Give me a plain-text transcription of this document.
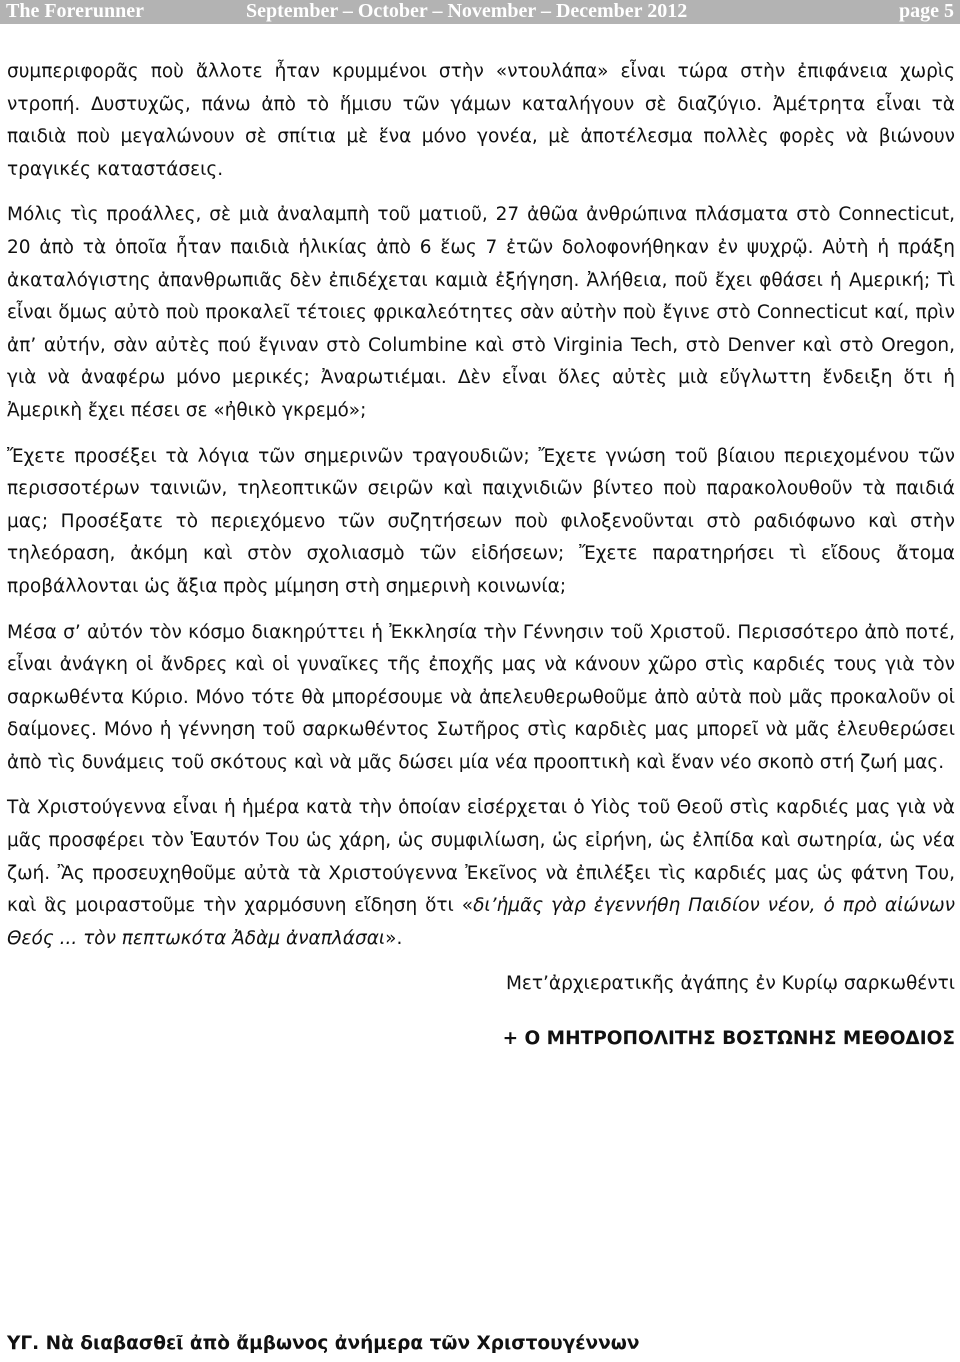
The Forerunner	September – October – November – December 2012	page 5

συμπεριφορᾶς ποὺ ἄλλοτε ἦταν κρυμμένοι στὴν «ντουλάπα» εἶναι τώρα στὴν ἐπιφάνεια χωρὶς ντροπή. Δυστυχῶς, πάνω ἀπὸ τὸ ἥμισυ τῶν γάμων καταλήγουν σὲ διαζύγιο. Ἀμέτρητα εἶναι τὰ παιδιὰ ποὺ μεγαλώνουν σὲ σπίτια μὲ ἕνα μόνο γονέα, μὲ ἀποτέλεσμα πολλὲς φορὲς νὰ βιώνουν τραγικές καταστάσεις.

Μόλις τὶς προάλλες, σὲ μιὰ ἀναλαμπὴ τοῦ ματιοῦ, 27 ἀθῶα ἀνθρώπινα πλάσματα στὸ Connecticut, 20 ἀπὸ τὰ ὁποῖα ἦταν παιδιὰ ἡλικίας ἀπὸ 6 ἕως 7 ἐτῶν δολοφονήθηκαν ἐν ψυχρῷ. Αὐτὴ ἡ πράξη ἀκαταλόγιστης ἀπανθρωπιᾶς δὲν ἐπιδέχεται καμιὰ ἐξήγηση. Ἀλήθεια, ποῦ ἔχει φθάσει ἡ Αμερική; Τὶ εἶναι ὅμως αὐτὸ ποὺ προκαλεῖ τέτοιες φρικαλεότητες σὰν αὐτὴν ποὺ ἔγινε στὸ Connecticut καί, πρὶν ἀπ’ αὐτήν, σὰν αὐτὲς πού ἔγιναν στὸ Columbine καὶ στὸ Virginia Tech, στὸ Denver καὶ στὸ Oregon, γιὰ νὰ ἀναφέρω μόνο μερικές; Ἀναρωτιέμαι. Δὲν εἶναι ὅλες αὐτὲς μιὰ εὔγλωττη ἔνδειξη ὅτι ἡ Ἀμερικὴ ἔχει πέσει σε «ἠθικὸ γκρεμό»;

Ἔχετε προσέξει τὰ λόγια τῶν σημερινῶν τραγουδιῶν; Ἔχετε γνώση τοῦ βίαιου περιεχομένου τῶν περισσοτέρων ταινιῶν, τηλεοπτικῶν σειρῶν καὶ παιχνιδιῶν βίντεο ποὺ παρακολουθοῦν τὰ παιδιά μας; Προσέξατε τὸ περιεχόμενο τῶν συζητήσεων ποὺ φιλοξενοῦνται στὸ ραδιόφωνο καὶ στὴν τηλεόραση, ἀκόμη καὶ στὸν σχολιασμὸ τῶν εἰδήσεων; Ἔχετε παρατηρήσει τὶ εἴδους ἄτομα προβάλλονται ὡς ἄξια πρὸς μίμηση στὴ σημερινὴ κοινωνία;

Μέσα σ’ αὐτόν τὸν κόσμο διακηρύττει ἡ Ἐκκλησία τὴν Γέννησιν τοῦ Χριστοῦ. Περισσότερο ἀπὸ ποτέ, εἶναι ἀνάγκη οἱ ἄνδρες καὶ οἱ γυναῖκες τῆς ἐποχῆς μας νὰ κάνουν χῶρο στὶς καρδιές τους γιὰ τὸν σαρκωθέντα Κύριο. Μόνο τότε θὰ μπορέσουμε νὰ ἀπελευθερωθοῦμε ἀπὸ αὐτὰ ποὺ μᾶς προκαλοῦν οἱ δαίμονες. Μόνο ἡ γέννηση τοῦ σαρκωθέντος Σωτῆρος στὶς καρδιὲς μας μπορεῖ νὰ μᾶς ἐλευθερώσει ἀπὸ τὶς δυνάμεις τοῦ σκότους καὶ νὰ μᾶς δώσει μία νέα προοπτικὴ καὶ ἕναν νέο σκοπὸ στή ζωή μας.

Τὰ Χριστούγεννα εἶναι ἡ ἡμέρα κατὰ τὴν ὁποίαν εἰσέρχεται ὁ Υἱὸς τοῦ Θεοῦ στὶς καρδιές μας γιὰ νὰ μᾶς προσφέρει τὸν Ἑαυτόν Του ὡς χάρη, ὡς συμφιλίωση, ὡς εἰρήνη, ὡς ἐλπίδα καὶ σωτηρία, ὡς νέα ζωή. Ἂς προσευχηθοῦμε αὐτὰ τὰ Χριστούγεννα Ἐκεῖνος νὰ ἐπιλέξει τὶς καρδιές μας ὡς φάτνη Του, καὶ ἃς μοιραστοῦμε τὴν χαρμόσυνη εἴδηση ὅτι «δι’ἡμᾶς γὰρ ἐγεννήθη Παιδίον νέον, ὁ πρὸ αἰώνων Θεός ... τὸν πεπτωκότα Ἀδὰμ ἀναπλάσαι».

Μετ’ἀρχιερατικῆς ἀγάπης ἐν Κυρίῳ σαρκωθέντι

+ Ο ΜΗΤΡΟΠΟΛΙΤΗΣ ΒΟΣΤΩΝΗΣ ΜΕΘΟΔΙΟΣ

ΥΓ. Νὰ διαβασθεῖ ἀπὸ ἄμβωνος ἀνήμερα τῶν Χριστουγέννων
